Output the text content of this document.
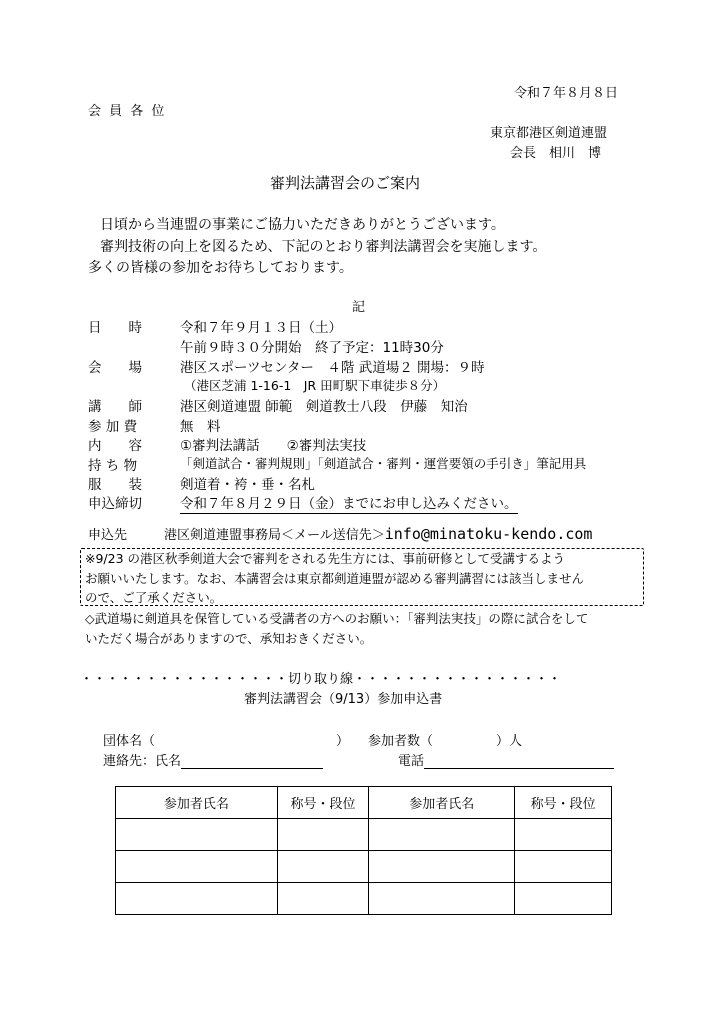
令和７年８月８日
会 員 各 位
東京都港区剣道連盟
会長　相川　博
審判法講習会のご案内
日頃から当連盟の事業にご協力いただきありがとうございます。
審判技術の向上を図るため、下記のとおり審判法講習会を実施します。
多くの皆様の参加をお待ちしております。
記
日　　時	令和７年９月１３日（土）
午前９時３０分開始　終了予定：11時30分
会　　場	港区スポーツセンター　４階 武道場２ 開場：９時
（港区芝浦 1-16-1　JR 田町駅下車徒歩８分）
講　　師	港区剣道連盟 師範　剣道教士八段　伊藤　知治
参 加 費	無　料
内　　容	①審判法講話　　②審判法実技
持 ち 物	「剣道試合・審判規則」「剣道試合・審判・運営要領の手引き」筆記用具
服　　装	剣道着・袴・垂・名札
申込締切	令和７年８月２９日（金）までにお申し込みください。
申込先	港区剣道連盟事務局＜メール送信先＞info@minatoku-kendo.com
※9/23 の港区秋季剣道大会で審判をされる先生方には、事前研修として受講するよう
お願いいたします。なお、本講習会は東京都剣道連盟が認める審判講習には該当しません
ので、ご了承ください。
◇武道場に剣道具を保管している受講者の方へのお願い：「審判法実技」の際に試合をして
いただく場合がありますので、承知おきください。
・・・・・・・・・・・・・・・・切り取り線・・・・・・・・・・・・・・・・
審判法講習会（9/13）参加申込書
団体名（	） 参加者数（	）人
連絡先：氏名	電話
参加者氏名	称号・段位	参加者氏名	称号・段位
